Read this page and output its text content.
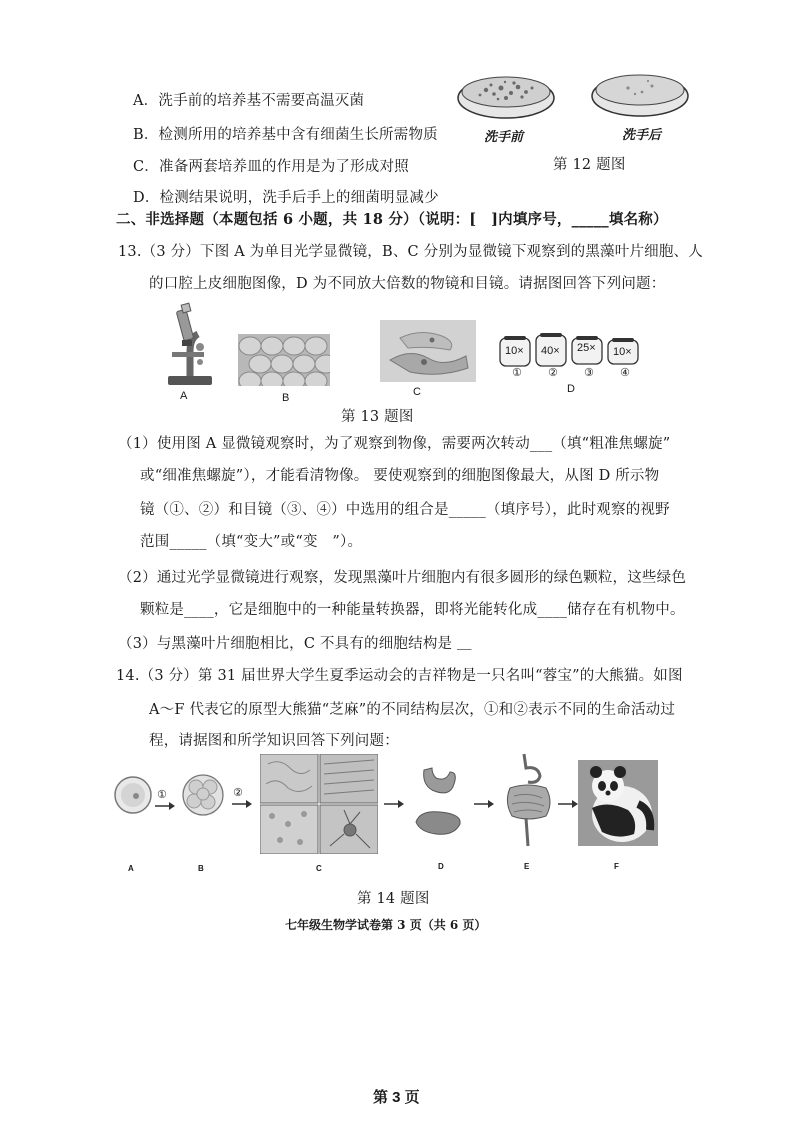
A．洗手前的培养基不需要高温灭菌
B．检测所用的培养基中含有细菌生长所需物质
C．准备两套培养皿的作用是为了形成对照
D．检测结果说明，洗手后手上的细菌明显减少
洗手前	洗手后
第 12 题图
二、非选择题（本题包括 6 小题，共 18 分）（说明：[　]内填序号，_____填名称）
13.（3 分）下图 A 为单目光学显微镜，B、C 分别为显微镜下观察到的黑藻叶片细胞、人
的口腔上皮细胞图像，D 为不同放大倍数的物镜和目镜。请据图回答下列问题：
10× 40× 25× 10×
① ② ③ ④
A	B	C	D
第 13 题图
（1）使用图 A 显微镜观察时，为了观察到物像，需要两次转动___（填“粗准焦螺旋”
或“细准焦螺旋”），才能看清物像。 要使观察到的细胞图像最大，从图 D 所示物
镜（①、②）和目镜（③、④）中选用的组合是_____（填序号），此时观察的视野
范围_____（填“变大”或“变　”）。
（2）通过光学显微镜进行观察，发现黑藻叶片细胞内有很多圆形的绿色颗粒，这些绿色
颗粒是____，它是细胞中的一种能量转换器，即将光能转化成____储存在有机物中。
（3）与黑藻叶片细胞相比，C 不具有的细胞结构是 ＿
14.（3 分）第 31 届世界大学生夏季运动会的吉祥物是一只名叫“蓉宝”的大熊猫。如图
A～F 代表它的原型大熊猫“芝麻”的不同结构层次，①和②表示不同的生命活动过
程，请据图和所学知识回答下列问题：
①	②
A	B	C	D	E	F
第 14 题图
七年级生物学试卷第 3 页（共 6 页）
第 3 页
